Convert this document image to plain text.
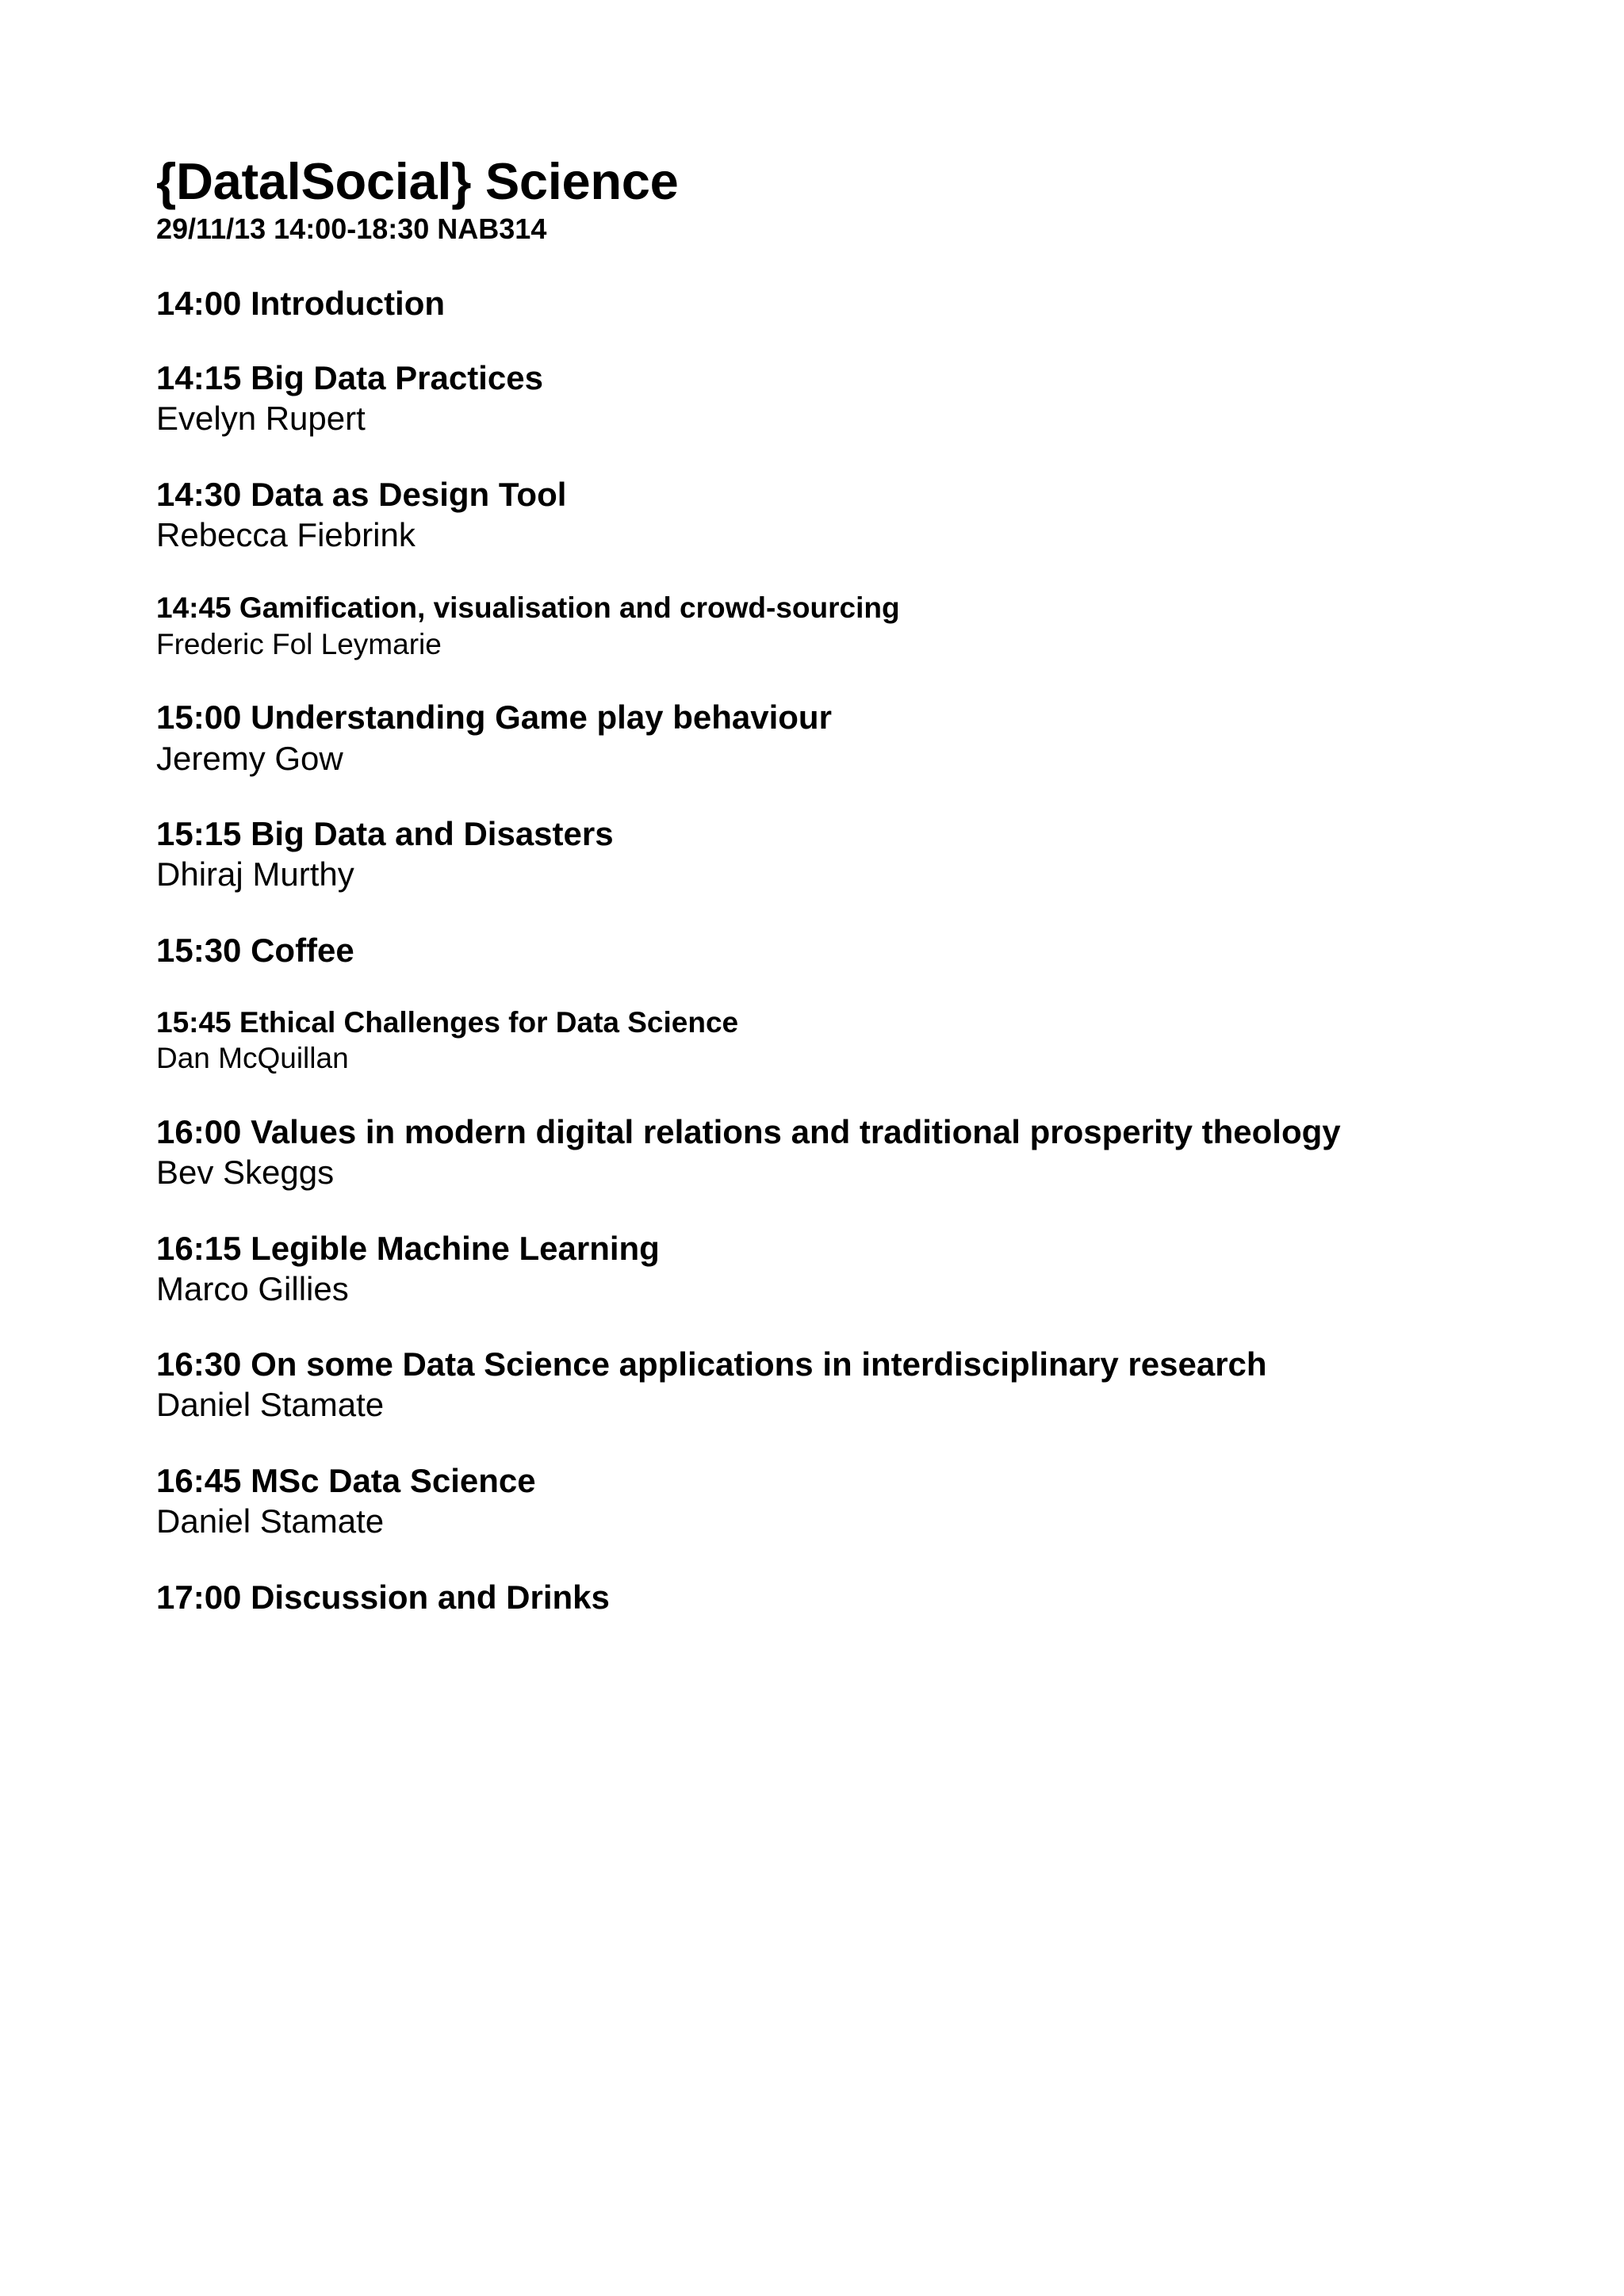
{DatalSocial} Science
29/11/13 14:00-18:30 NAB314
14:00 Introduction
14:15 Big Data Practices
Evelyn Rupert
14:30 Data as Design Tool
Rebecca Fiebrink
14:45 Gamification, visualisation and crowd-sourcing
Frederic Fol Leymarie
15:00 Understanding Game play behaviour
Jeremy Gow
15:15 Big Data and Disasters
Dhiraj Murthy
15:30 Coffee
15:45 Ethical Challenges for Data Science
Dan McQuillan
16:00 Values in modern digital relations and traditional prosperity theology
Bev Skeggs
16:15 Legible Machine Learning
Marco Gillies
16:30 On some Data Science applications in interdisciplinary research
Daniel Stamate
16:45 MSc Data Science
Daniel Stamate
17:00 Discussion and Drinks
